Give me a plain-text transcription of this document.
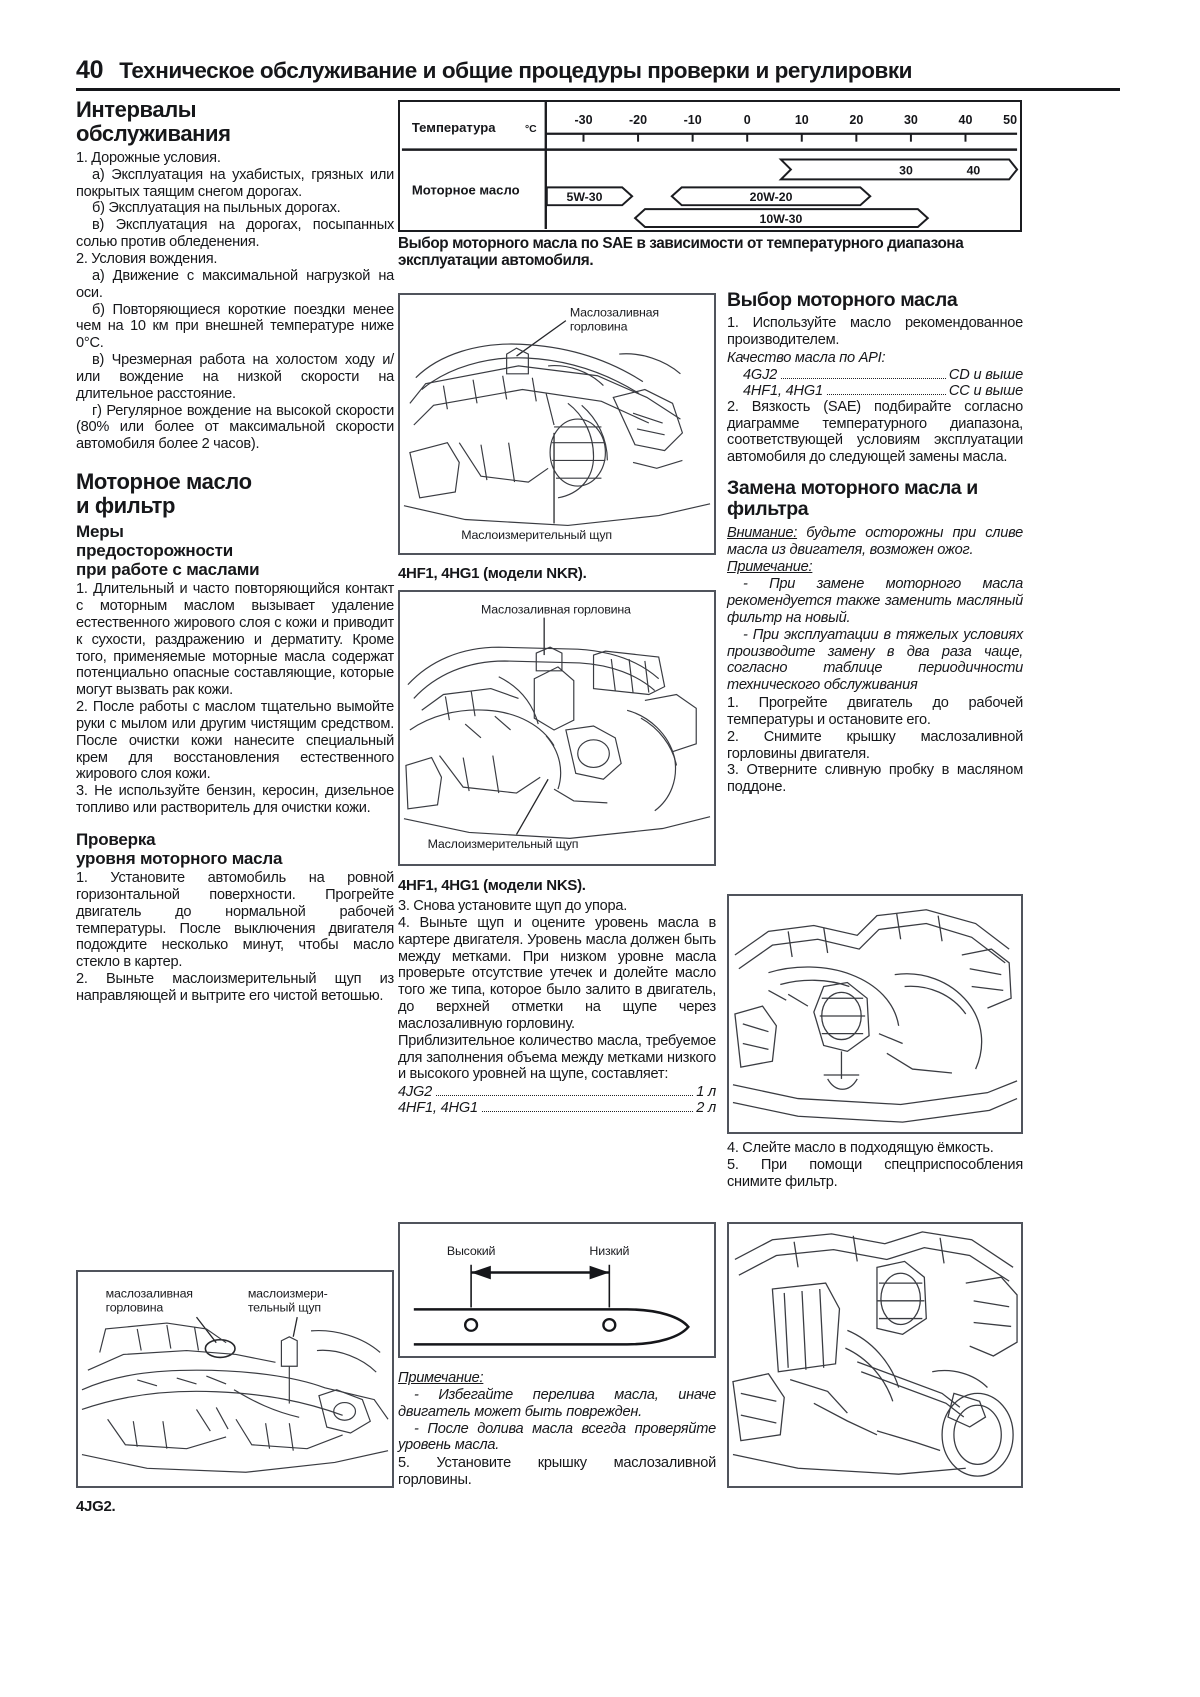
40 Техническое обслуживание и общие процедуры проверки и регулировки
Температура	°C
Моторное масло
-30	-20	-10	0	10	20	30	40 50
30	40
5W-30	20W-20
10W-30
Выбор моторного масла по SAE в зависимости от температурного диапазона эксплуатации автомобиля.
Интервалы
обслуживания

1. Дорожные условия.

а) Эксплуатация на ухабистых, грязных или покрытых таящим снегом дорогах.

б) Эксплуатация на пыльных дорогах.

в) Эксплуатация на дорогах, посыпанных солью против обледенения.

2. Условия вождения.

а) Движение с максимальной нагрузкой на оси.

б) Повторяющиеся короткие поездки менее чем на 10 км при внешней температуре ниже 0°С.

в) Чрезмерная работа на холостом ходу и/или вождение на низкой скорости на длительное расстояние.

г) Регулярное вождение на высокой скорости (80% или более от максимальной скорости автомобиля более 2 часов).

Моторное масло
и фильтр
Меры
предосторожности
при работе с маслами

1. Длительный и часто повторяющийся контакт с моторным маслом вызывает удаление естественного жирового слоя с кожи и приводит к сухости, раздражению и дерматиту. Кроме того, применяемые моторные масла содержат потенциально опасные составляющие, которые могут вызвать рак кожи.

2. После работы с маслом тщательно вымойте руки с мылом или другим чистящим средством. После очистки кожи нанесите специальный крем для восстановления естественного жирового слоя кожи.

3. Не используйте бензин, керосин, дизельное топливо или растворитель для очистки кожи.

Проверка
уровня моторного масла

1. Установите автомобиль на ровной горизонтальной поверхности. Прогрейте двигатель до нормальной рабочей температуры. После выключения двигателя подождите несколько минут, чтобы масло стекло в картер.

2. Выньте маслоизмерительный щуп из направляющей и вытрите его чистой ветошью.

маслозаливная
горловина
маслоизмери-
тельный щуп
4JG2.
Маслозаливная
горловина
Маслоизмерительный щуп
4HF1, 4HG1 (модели NKR).
Маслозаливная горловина
Маслоизмерительный щуп
4HF1, 4HG1 (модели NKS).

3. Снова установите щуп до упора.

4. Выньте щуп и оцените уровень масла в картере двигателя. Уровень масла должен быть между метками. При низком уровне масла проверьте отсутствие утечек и долейте масло того же типа, которое было залито в двигатель, до верхней отметки на щупе через маслозаливную горловину.

Приблизительное количество масла, требуемое для заполнения объема между метками низкого и высокого уровней на щупе, составляет:

4JG2	1 л
4HF1, 4HG1	2 л
Высокий	Низкий

Примечание:

- Избегайте перелива масла, иначе двигатель может быть поврежден.

- После долива масла всегда проверяйте уровень масла.

5. Установите крышку маслозаливной горловины.

Выбор моторного масла

1. Используйте масло рекомендованное производителем.

Качество масла по API:

4GJ2	CD и выше
4HF1, 4HG1	CC и выше

2. Вязкость (SAE) подбирайте согласно диаграмме температурного диапазона, соответствующей условиям эксплуатации автомобиля до следующей замены масла.

Замена моторного масла и фильтра

Внимание: будьте осторожны при сливе масла из двигателя, возможен ожог.

Примечание:

- При замене моторного масла рекомендуется также заменить масляный фильтр на новый.

- При эксплуатации в тяжелых условиях производите замену в два раза чаще, согласно таблице периодичности технического обслуживания

1. Прогрейте двигатель до рабочей температуры и остановите его.

2. Снимите крышку маслозаливной горловины двигателя.

3. Отверните сливную пробку в масляном поддоне.

4. Слейте масло в подходящую ёмкость.

5. При помощи спецприспособления снимите фильтр.
